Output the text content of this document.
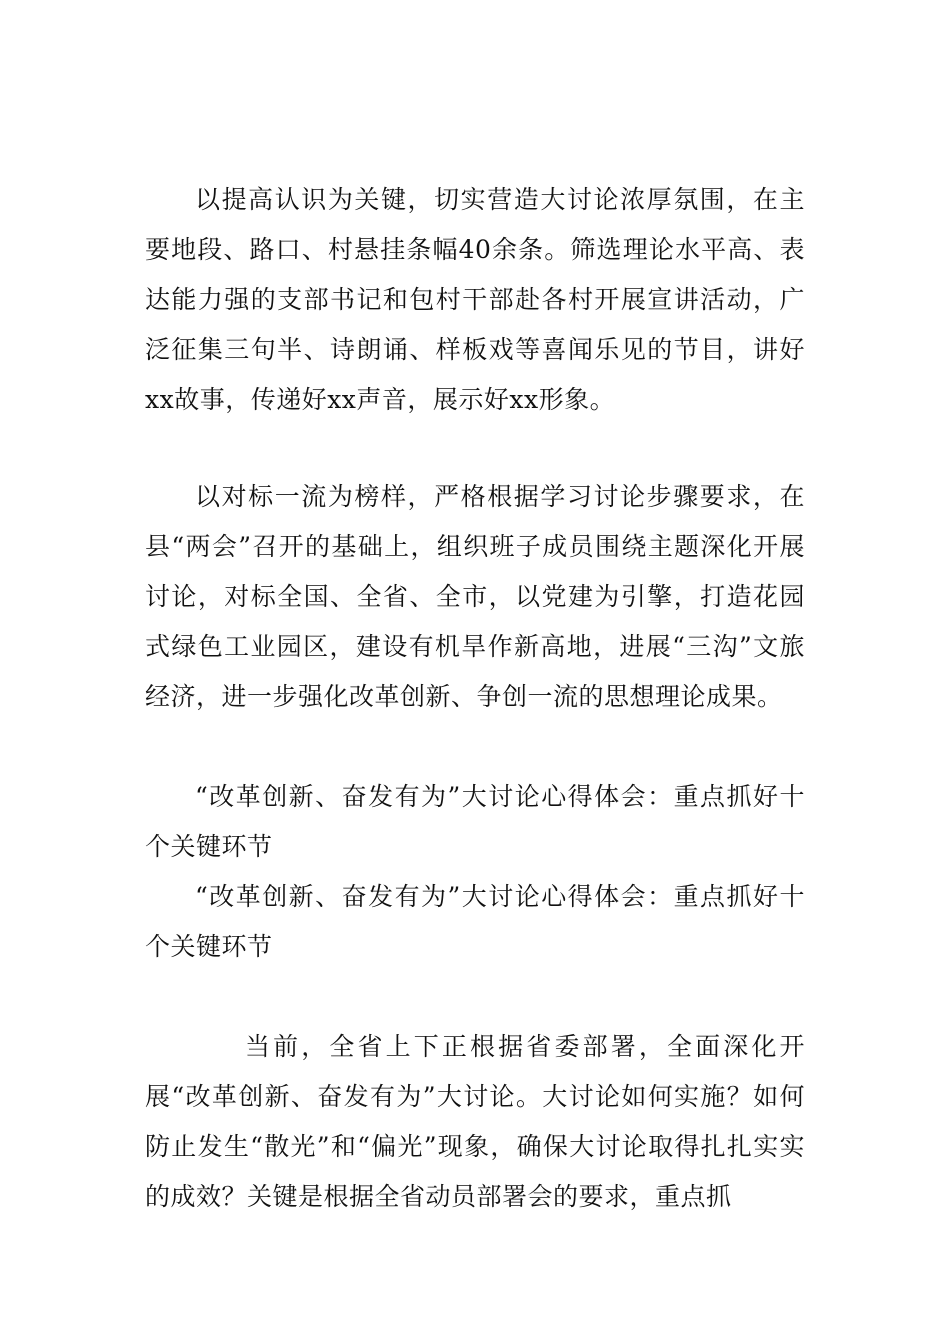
以提高认识为关键，切实营造大讨论浓厚氛围，在主要地段、路口、村悬挂条幅40余条。筛选理论水平高、表达能力强的支部书记和包村干部赴各村开展宣讲活动，广泛征集三句半、诗朗诵、样板戏等喜闻乐见的节目，讲好xx故事，传递好xx声音，展示好xx形象。

以对标一流为榜样，严格根据学习讨论步骤要求，在县“两会”召开的基础上，组织班子成员围绕主题深化开展讨论，对标全国、全省、全市，以党建为引擎，打造花园式绿色工业园区，建设有机旱作新高地，进展“三沟”文旅经济，进一步强化改革创新、争创一流的思想理论成果。

“改革创新、奋发有为”大讨论心得体会：重点抓好十个关键环节

“改革创新、奋发有为”大讨论心得体会：重点抓好十个关键环节

当前，全省上下正根据省委部署，全面深化开展“改革创新、奋发有为”大讨论。大讨论如何实施？如何防止发生“散光”和“偏光”现象，确保大讨论取得扎扎实实的成效？关键是根据全省动员部署会的要求，重点抓
